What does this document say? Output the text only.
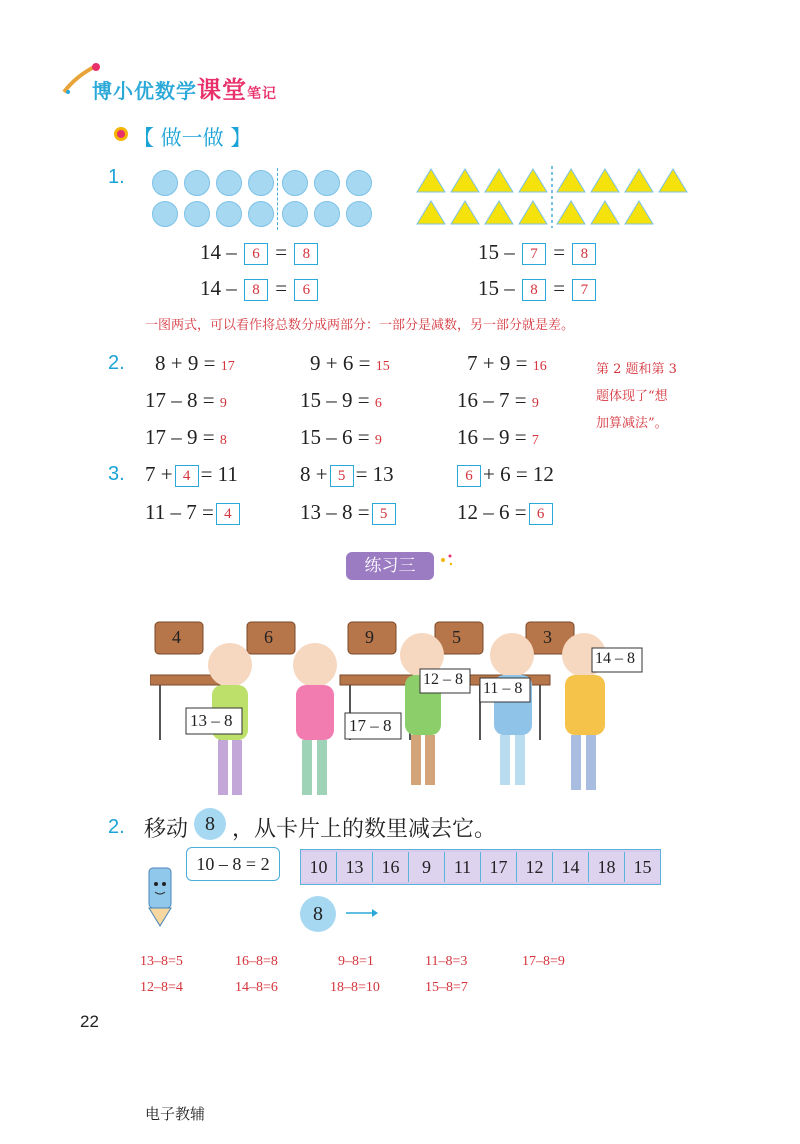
博小优数学课堂笔记
【 做一做 】
1.
14 – 6 = 8
14 – 8 = 6
15 – 7 = 8
15 – 8 = 7
一图两式，可以看作将总数分成两部分：一部分是减数，另一部分就是差。
2. 8 + 9 = 17	9 + 6 = 15	7 + 9 = 16
17 – 8 = 9	15 – 9 = 6	16 – 7 = 9
17 – 9 = 8	15 – 6 = 9	16 – 9 = 7
第 2 题和第 3
题体现了“想
加算减法”。
3. 7 + 4 = 11	8 + 5 = 13	6 + 6 = 12
11 – 7 = 4	13 – 8 = 5	12 – 6 = 6
练习三
4	6	9	5	3
13 – 8	17 – 8
12 – 8
11 – 8
14 – 8
2. 移动 8 ，从卡片上的数里减去它。
10 – 8 = 2	10	13	16	9	11	17	12	14	18	15
8
13–8=5	16–8=8	9–8=1	11–8=3	17–8=9
12–8=4	14–8=6	18–8=10	15–8=7
22
电子教辅
